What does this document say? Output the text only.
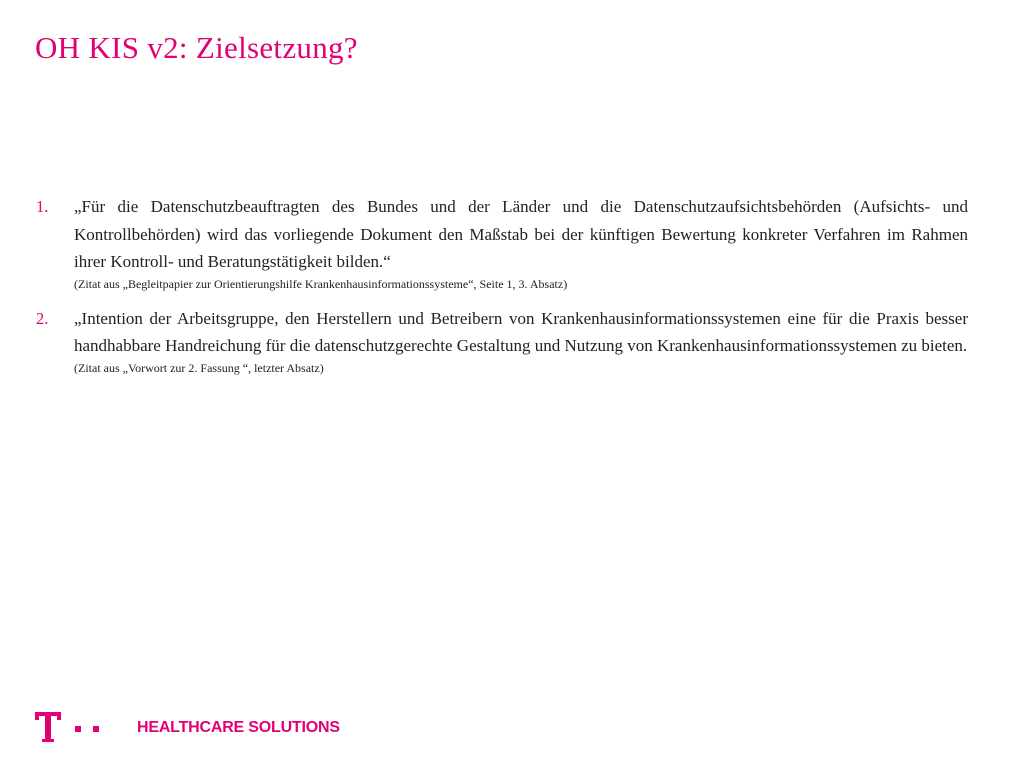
OH KIS v2: Zielsetzung?
1.	„Für die Datenschutzbeauftragten des Bundes und der Länder und die Datenschutzaufsichtsbehörden (Aufsichts- und Kontrollbehörden) wird das vorliegende Dokument den Maßstab bei der künftigen Bewertung konkreter Verfahren im Rahmen ihrer Kontroll- und Beratungstätigkeit bilden.“
(Zitat aus „Begleitpapier zur Orientierungshilfe Krankenhausinformationssysteme“, Seite 1, 3. Absatz)
2.	„Intention der Arbeitsgruppe, den Herstellern und Betreibern von Krankenhausinformationssystemen eine für die Praxis besser handhabbare Handreichung für die datenschutzgerechte Gestaltung und Nutzung von Krankenhausinformationssystemen zu bieten.
(Zitat aus „Vorwort zur 2. Fassung “, letzter Absatz)
HEALTHCARE SOLUTIONS
